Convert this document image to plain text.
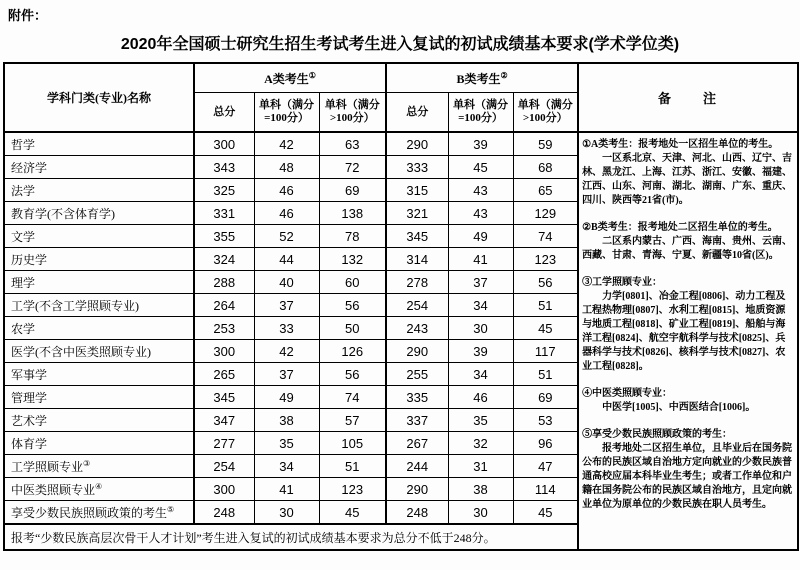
附件：
2020年全国硕士研究生招生考试考生进入复试的初试成绩基本要求(学术学位类)
学科门类(专业)名称	A类考生①			B类考生②			备　　注
	总分	单科（满分
=100分）	单科（满分
>100分）	总分	单科（满分
=100分）	单科（满分
>100分）	
哲学	300	42	63	290	39	59	①A类考生：报考地处一区招生单位的考生。

一区系北京、天津、河北、山西、辽宁、吉林、黑龙江、上海、江苏、浙江、安徽、福建、江西、山东、河南、湖北、湖南、广东、重庆、四川、陕西等21省(市)。

②B类考生：报考地处二区招生单位的考生。

二区系内蒙古、广西、海南、贵州、云南、西藏、甘肃、青海、宁夏、新疆等10省(区)。

③工学照顾专业：

力学[0801]、冶金工程[0806]、动力工程及工程热物理[0807]、水利工程[0815]、地质资源与地质工程[0818]、矿业工程[0819]、船舶与海洋工程[0824]、航空宇航科学与技术[0825]、兵器科学与技术[0826]、核科学与技术[0827]、农业工程[0828]。

④中医类照顾专业：

中医学[1005]、中西医结合[1006]。

⑤享受少数民族照顾政策的考生：

报考地处二区招生单位，且毕业后在国务院公布的民族区域自治地方定向就业的少数民族普通高校应届本科毕业生考生；或者工作单位和户籍在国务院公布的民族区域自治地方，且定向就业单位为原单位的少数民族在职人员考生。

经济学	343	48	72	333	45	68	
法学	325	46	69	315	43	65	
教育学(不含体育学)	331	46	138	321	43	129	
文学	355	52	78	345	49	74	
历史学	324	44	132	314	41	123	
理学	288	40	60	278	37	56	
工学(不含工学照顾专业)	264	37	56	254	34	51	
农学	253	33	50	243	30	45	
医学(不含中医类照顾专业)	300	42	126	290	39	117	
军事学	265	37	56	255	34	51	
管理学	345	49	74	335	46	69	
艺术学	347	38	57	337	35	53	
体育学	277	35	105	267	32	96	
工学照顾专业③	254	34	51	244	31	47	
中医类照顾专业④	300	41	123	290	38	114	
享受少数民族照顾政策的考生⑤	248	30	45	248	30	45	
报考“少数民族高层次骨干人才计划”考生进入复试的初试成绩基本要求为总分不低于248分。							
